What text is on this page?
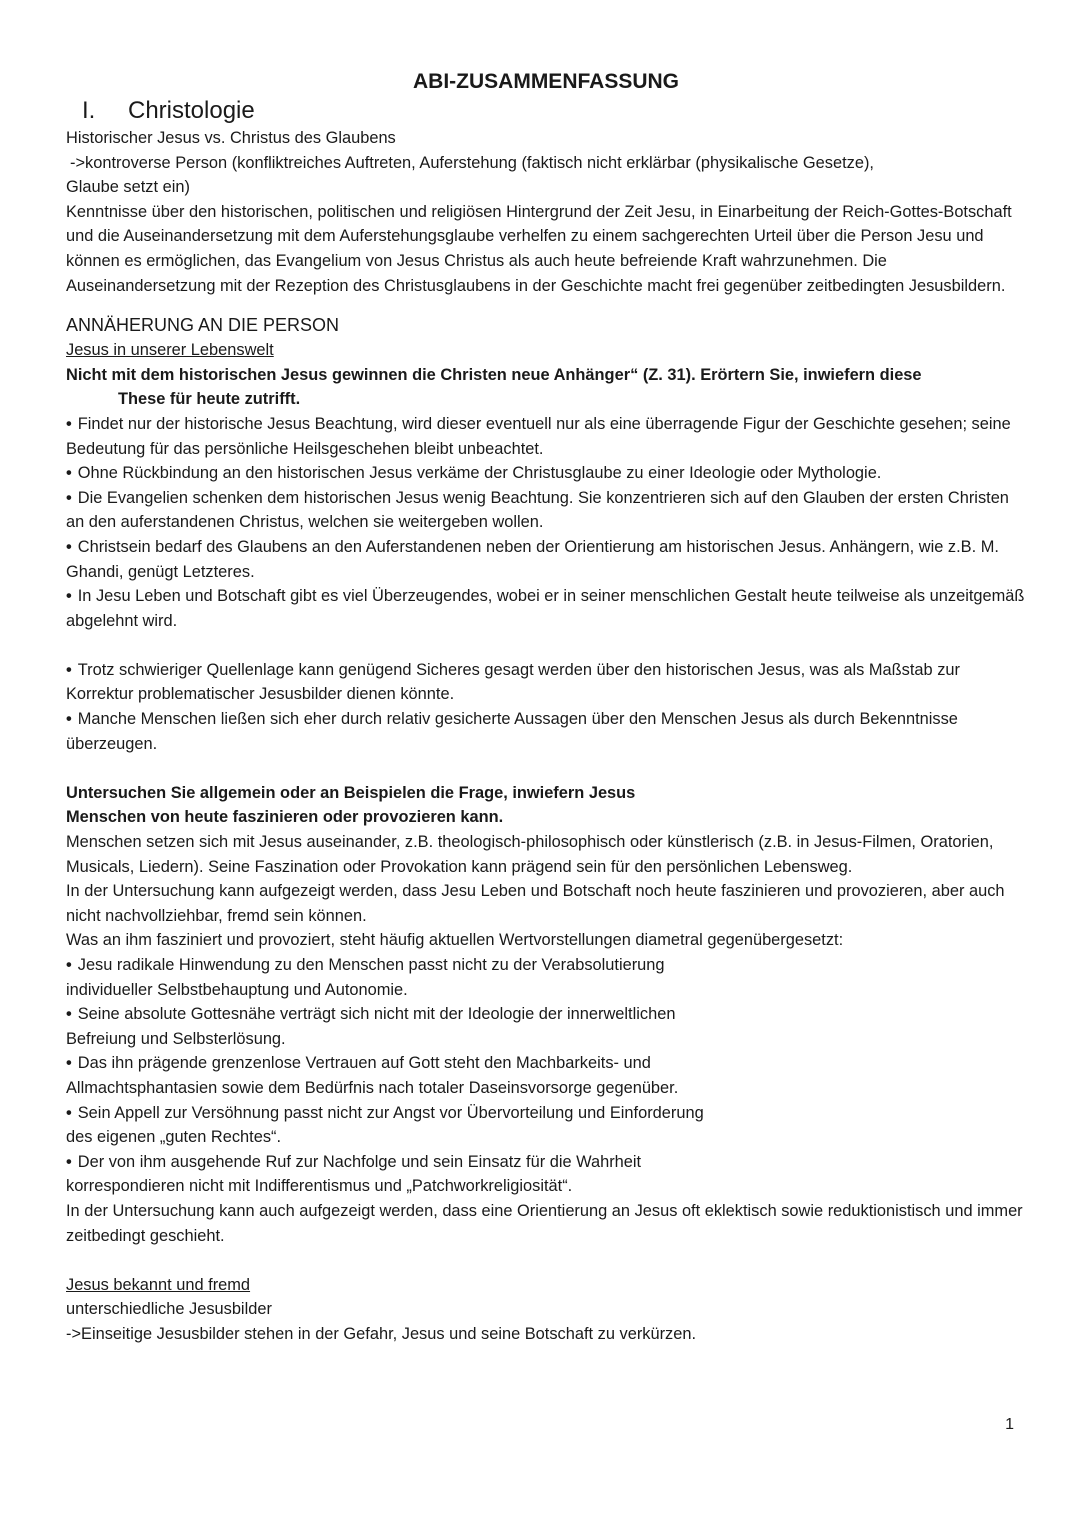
ABI-ZUSAMMENFASSUNG
I.	Christologie

Historischer Jesus vs. Christus des Glaubens

->kontroverse Person (konfliktreiches Auftreten, Auferstehung (faktisch nicht erklärbar (physikalische Gesetze),

Glaube setzt ein)

Kenntnisse über den historischen, politischen und religiösen Hintergrund der Zeit Jesu, in Einarbeitung der Reich-Gottes-Botschaft und die Auseinandersetzung mit dem Auferstehungsglaube verhelfen zu einem sachgerechten Urteil über die Person Jesu und können es ermöglichen, das Evangelium von Jesus Christus als auch heute befreiende Kraft wahrzunehmen. Die Auseinandersetzung mit der Rezeption des Christusglaubens in der Geschichte macht frei gegenüber zeitbedingten Jesusbildern.

ANNÄHERUNG AN DIE PERSON

Jesus in unserer Lebenswelt

Nicht mit dem historischen Jesus gewinnen die Christen neue Anhänger“ (Z. 31). Erörtern Sie, inwiefern diese

These für heute zutrifft.

• Findet nur der historische Jesus Beachtung, wird dieser eventuell nur als eine überragende Figur der Geschichte gesehen; seine Bedeutung für das persönliche Heilsgeschehen bleibt unbeachtet.

• Ohne Rückbindung an den historischen Jesus verkäme der Christusglaube zu einer Ideologie oder Mythologie.

• Die Evangelien schenken dem historischen Jesus wenig Beachtung. Sie konzentrieren sich auf den Glauben der ersten Christen an den auferstandenen Christus, welchen sie weitergeben wollen.

• Christsein bedarf des Glaubens an den Auferstandenen neben der Orientierung am historischen Jesus. Anhängern, wie z.B. M. Ghandi, genügt Letzteres.

• In Jesu Leben und Botschaft gibt es viel Überzeugendes, wobei er in seiner menschlichen Gestalt heute teilweise als unzeitgemäß abgelehnt wird.

• Trotz schwieriger Quellenlage kann genügend Sicheres gesagt werden über den historischen Jesus, was als Maßstab zur Korrektur problematischer Jesusbilder dienen könnte.

• Manche Menschen ließen sich eher durch relativ gesicherte Aussagen über den Menschen Jesus als durch Bekenntnisse überzeugen.

Untersuchen Sie allgemein oder an Beispielen die Frage, inwiefern Jesus

Menschen von heute faszinieren oder provozieren kann.

Menschen setzen sich mit Jesus auseinander, z.B. theologisch-philosophisch oder künstlerisch (z.B. in Jesus-Filmen, Oratorien, Musicals, Liedern). Seine Faszination oder Provokation kann prägend sein für den persönlichen Lebensweg.

In der Untersuchung kann aufgezeigt werden, dass Jesu Leben und Botschaft noch heute faszinieren und provozieren, aber auch nicht nachvollziehbar, fremd sein können.

Was an ihm fasziniert und provoziert, steht häufig aktuellen Wertvorstellungen diametral gegenübergesetzt:

• Jesu radikale Hinwendung zu den Menschen passt nicht zu der Verabsolutierung

individueller Selbstbehauptung und Autonomie.

• Seine absolute Gottesnähe verträgt sich nicht mit der Ideologie der innerweltlichen

Befreiung und Selbsterlösung.

• Das ihn prägende grenzenlose Vertrauen auf Gott steht den Machbarkeits- und

Allmachtsphantasien sowie dem Bedürfnis nach totaler Daseinsvorsorge gegenüber.

• Sein Appell zur Versöhnung passt nicht zur Angst vor Übervorteilung und Einforderung

des eigenen „guten Rechtes“.

• Der von ihm ausgehende Ruf zur Nachfolge und sein Einsatz für die Wahrheit

korrespondieren nicht mit Indifferentismus und „Patchworkreligiosität“.

In der Untersuchung kann auch aufgezeigt werden, dass eine Orientierung an Jesus oft eklektisch sowie reduktionistisch und immer zeitbedingt geschieht.

Jesus bekannt und fremd

unterschiedliche Jesusbilder

->Einseitige Jesusbilder stehen in der Gefahr, Jesus und seine Botschaft zu verkürzen.

1
